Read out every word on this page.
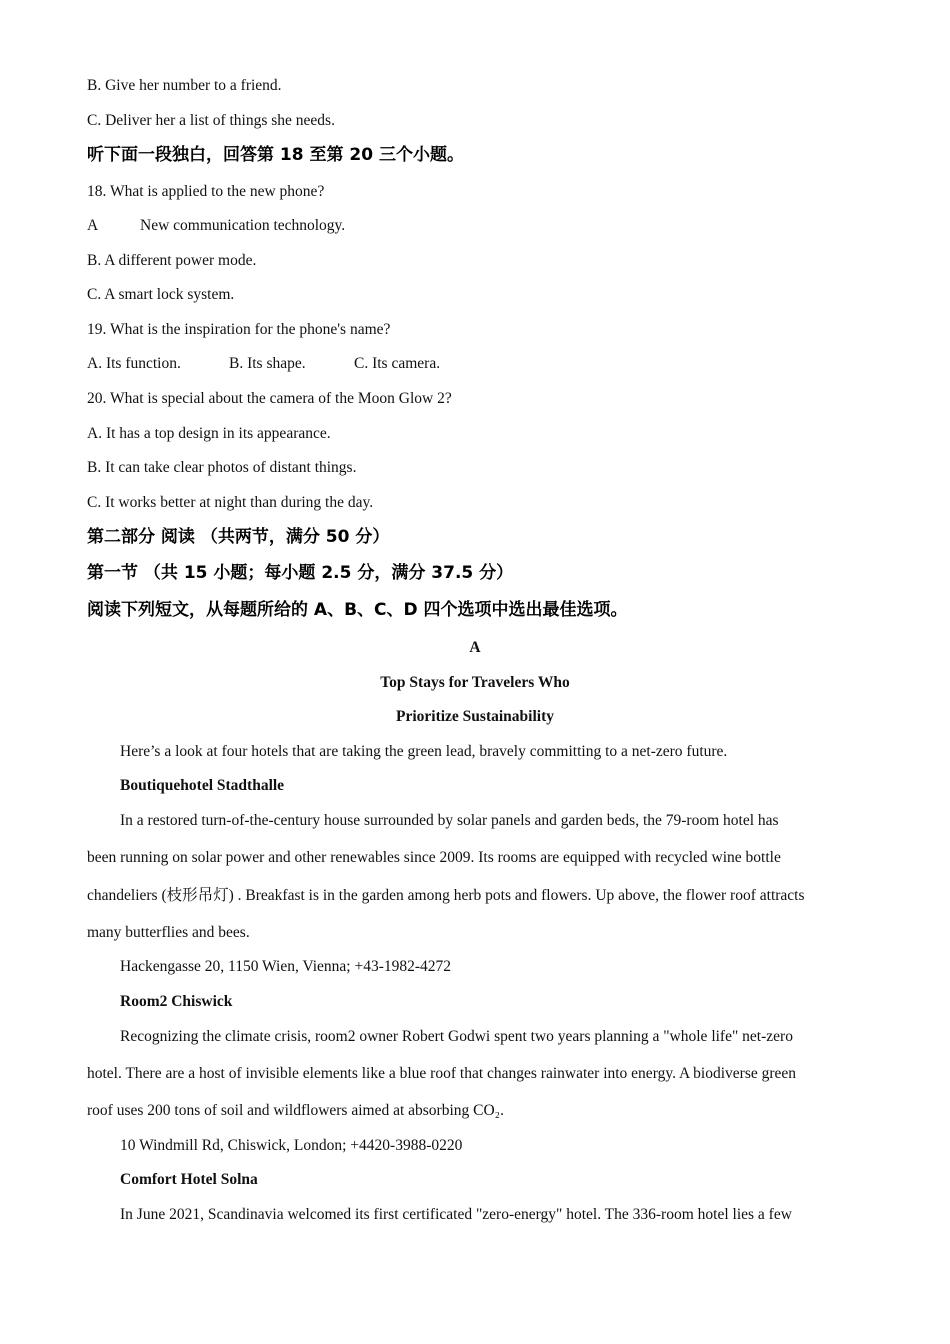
B. Give her number to a friend.
C. Deliver her a list of things she needs.
听下面一段独白，回答第 18 至第 20 三个小题。
18. What is applied to the new phone?
A	New communication technology.
B. A different power mode.
C. A smart lock system.
19. What is the inspiration for the phone's name?
A. Its function.	B. Its shape.	C. Its camera.
20. What is special about the camera of the Moon Glow 2?
A. It has a top design in its appearance.
B. It can take clear photos of distant things.
C. It works better at night than during the day.
第二部分 阅读 （共两节，满分 50 分）
第一节 （共 15 小题；每小题 2.5 分，满分 37.5 分）
阅读下列短文，从每题所给的 A、B、C、D 四个选项中选出最佳选项。
A
Top Stays for Travelers Who
Prioritize Sustainability
Here’s a look at four hotels that are taking the green lead, bravely committing to a net-zero future.
Boutiquehotel Stadthalle
In a restored turn-of-the-century house surrounded by solar panels and garden beds, the 79-room hotel has
been running on solar power and other renewables since 2009. Its rooms are equipped with recycled wine bottle
chandeliers (枝形吊灯) . Breakfast is in the garden among herb pots and flowers. Up above, the flower roof attracts
many butterflies and bees.
Hackengasse 20, 1150 Wien, Vienna; +43-1982-4272
Room2 Chiswick
Recognizing the climate crisis, room2 owner Robert Godwi spent two years planning a "whole life" net-zero
hotel. There are a host of invisible elements like a blue roof that changes rainwater into energy. A biodiverse green
roof uses 200 tons of soil and wildflowers aimed at absorbing CO₂.
10 Windmill Rd, Chiswick, London; +4420-3988-0220
Comfort Hotel Solna
In June 2021, Scandinavia welcomed its first certificated "zero-energy" hotel. The 336-room hotel lies a few
